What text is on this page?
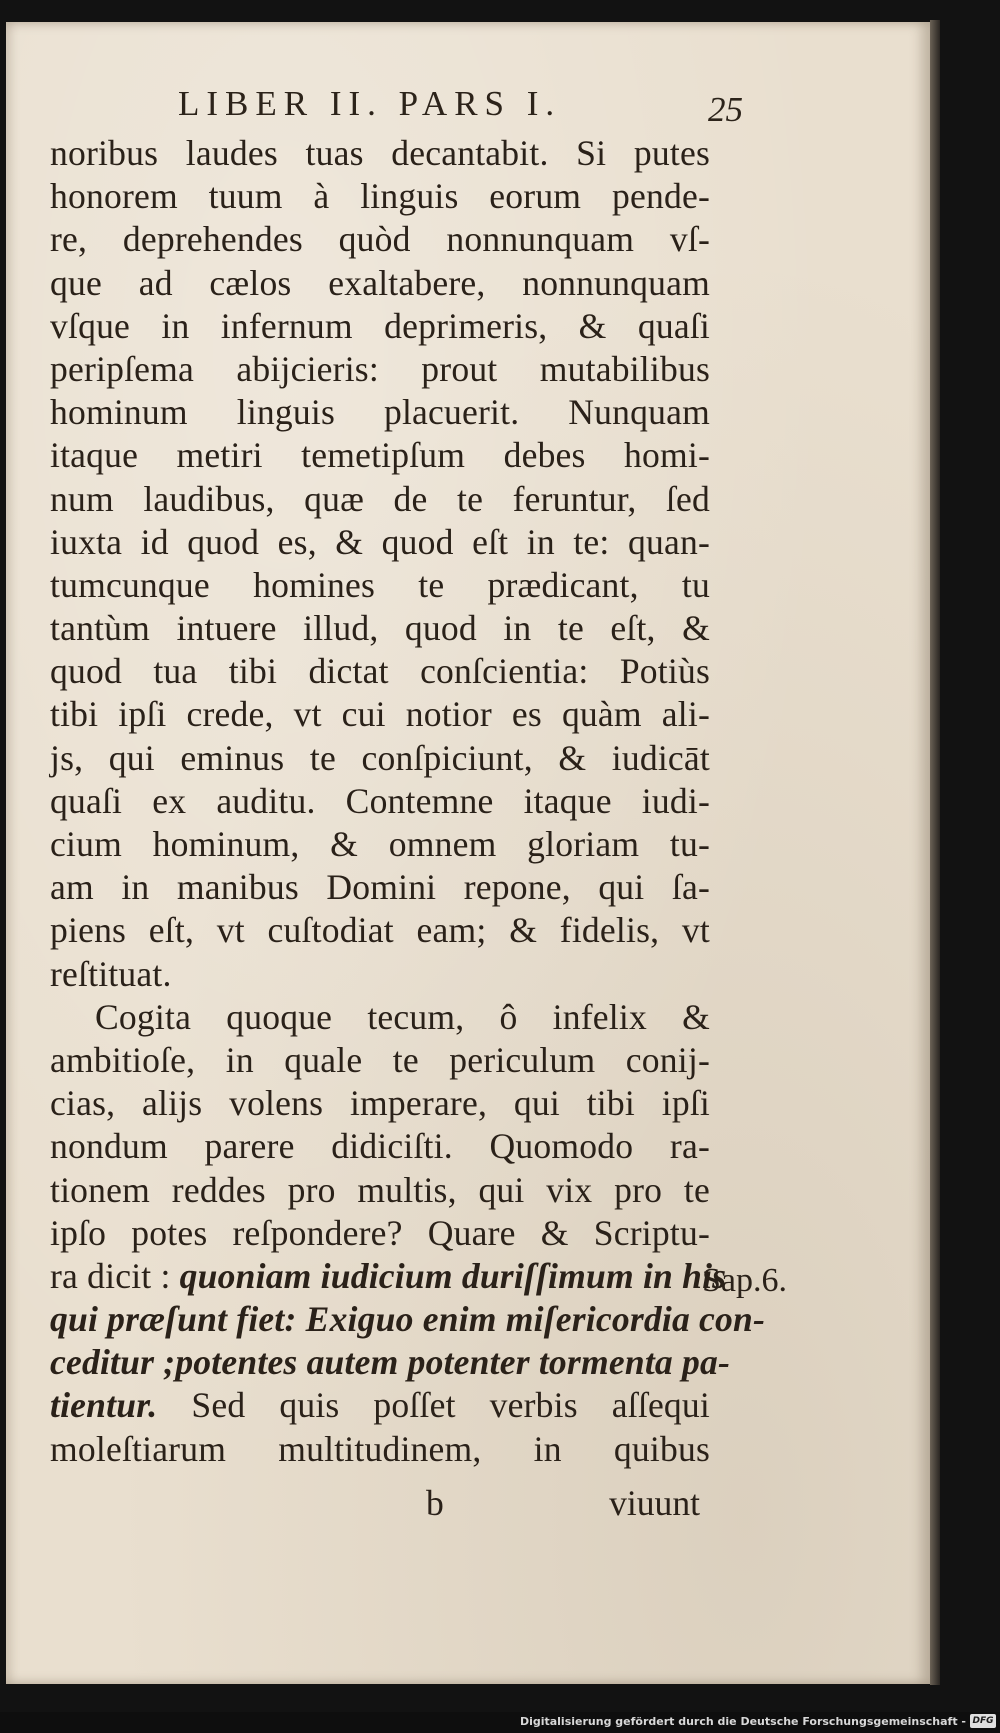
LIBER II. PARS I.	25
noribus laudes tuas decantabit. Si putes
honorem tuum à linguis eorum pende-
re, deprehendes quòd nonnunquam vſ-
que ad cælos exaltabere, nonnunquam
vſque in infernum deprimeris, & quaſi
peripſema abijcieris: prout mutabilibus
hominum linguis placuerit. Nunquam
itaque metiri temetipſum debes homi-
num laudibus, quæ de te feruntur, ſed
iuxta id quod es, & quod eſt in te: quan-
tumcunque homines te prædicant, tu
tantùm intuere illud, quod in te eſt, &
quod tua tibi dictat conſcientia: Potiùs
tibi ipſi crede, vt cui notior es quàm ali-
js, qui eminus te conſpiciunt, & iudicāt
quaſi ex auditu. Contemne itaque iudi-
cium hominum, & omnem gloriam tu-
am in manibus Domini repone, qui ſa-
piens eſt, vt cuſtodiat eam; & fidelis, vt
reſtituat.
Cogita quoque tecum, ô infelix &
ambitioſe, in quale te periculum conij-
cias, alijs volens imperare, qui tibi ipſi
nondum parere didiciſti. Quomodo ra-
tionem reddes pro multis, qui vix pro te
ipſo potes reſpondere? Quare & Scriptu-
ra dicit : quoniam iudicium duriſſimum in his
qui præſunt fiet: Exiguo enim miſericordia con-
ceditur ;potentes autem potenter tormenta pa-
tientur. Sed quis poſſet verbis aſſequi
moleſtiarum multitudinem, in quibus
Sap.6.
b	viuunt
Digitalisierung gefördert durch die Deutsche Forschungsgemeinschaft - DFG
